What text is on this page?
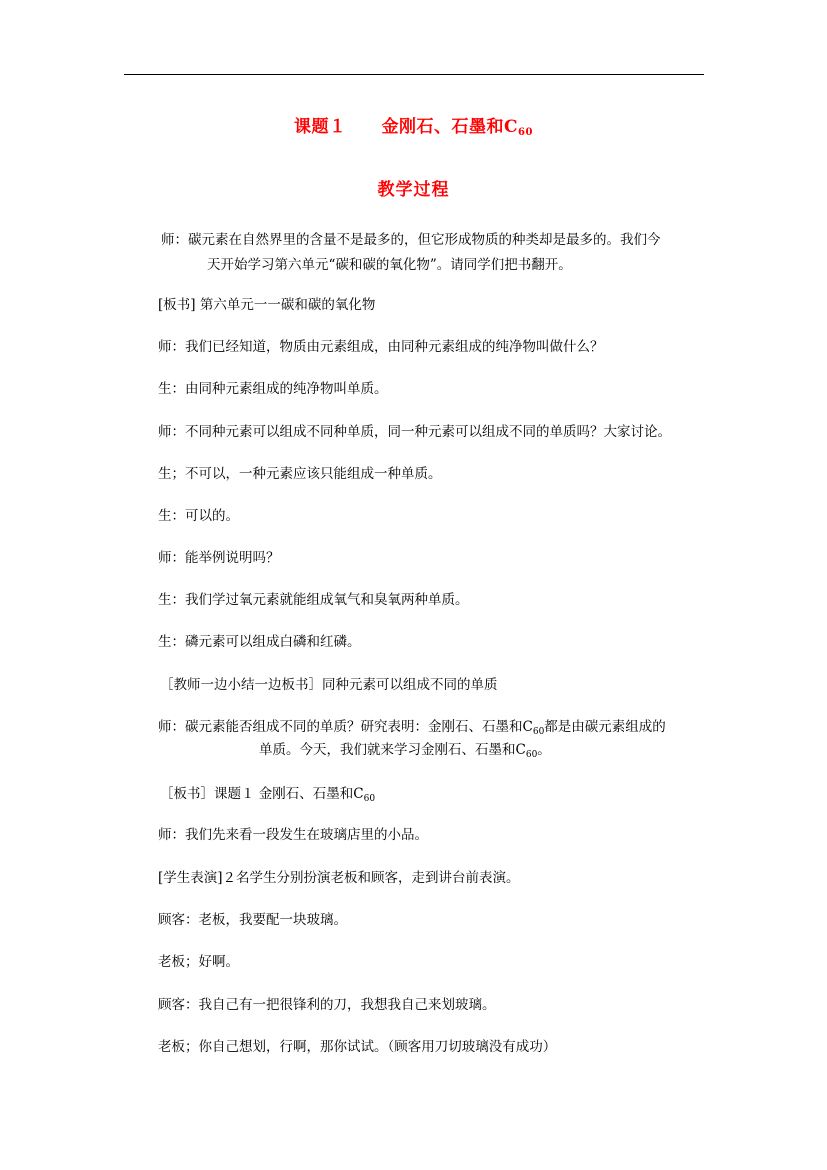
课题１　　金刚石、石墨和$C_{60}$
教学过程
师：碳元素在自然界里的含量不是最多的，但它形成物质的种类却是最多的。我们今
天开始学习第六单元“碳和碳的氧化物”。请同学们把书翻开。
[板书] 第六单元一一碳和碳的氧化物
师：我们已经知道，物质由元素组成，由同种元素组成的纯净物叫做什么？
生：由同种元素组成的纯净物叫单质。
师：不同种元素可以组成不同种单质，同一种元素可以组成不同的单质吗？大家讨论。
生；不可以，一种元素应该只能组成一种单质。
生：可以的。
师：能举例说明吗？
生：我们学过氧元素就能组成氧气和臭氧两种单质。
生：磷元素可以组成白磷和红磷。
［教师一边小结一边板书］同种元素可以组成不同的单质
师：碳元素能否组成不同的单质？研究表明：金刚石、石墨和$C_{60}$都是由碳元素组成的
单质。今天，我们就来学习金刚石、石墨和$C_{60}$。
［板书］课题１ 金刚石、石墨和$C_{60}$
师：我们先来看一段发生在玻璃店里的小品。
[学生表演]２名学生分别扮演老板和顾客，走到讲台前表演。
顾客：老板，我要配一块玻璃。
老板；好啊。
顾客：我自己有一把很锋利的刀，我想我自己来划玻璃。
老板；你自己想划，行啊，那你试试。（顾客用刀切玻璃没有成功）
